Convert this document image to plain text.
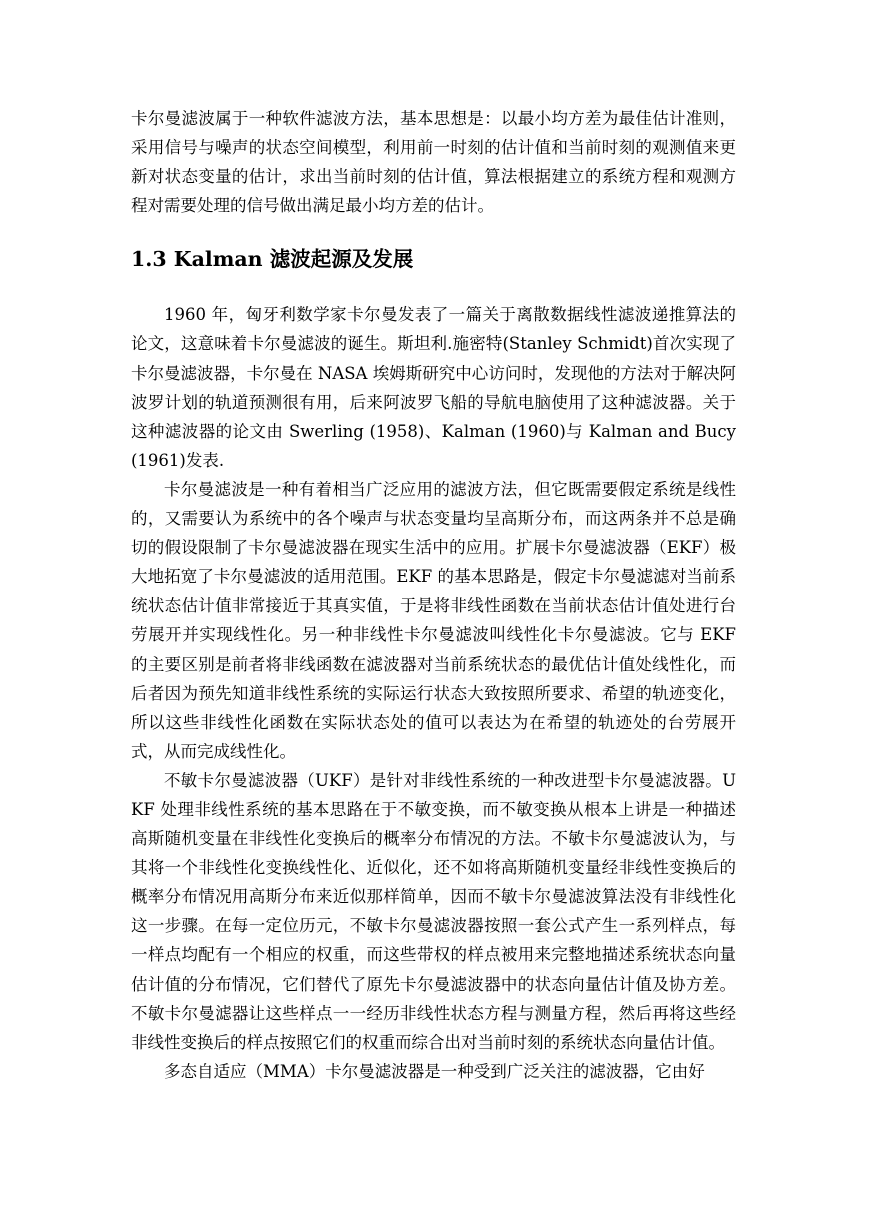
卡尔曼滤波属于一种软件滤波方法，基本思想是：以最小均方差为最佳估计准则，采用信号与噪声的状态空间模型，利用前一时刻的估计值和当前时刻的观测值来更新对状态变量的估计，求出当前时刻的估计值，算法根据建立的系统方程和观测方程对需要处理的信号做出满足最小均方差的估计。

1.3 Kalman 滤波起源及发展

1960 年，匈牙利数学家卡尔曼发表了一篇关于离散数据线性滤波递推算法的论文，这意味着卡尔曼滤波的诞生。斯坦利.施密特(Stanley Schmidt)首次实现了卡尔曼滤波器，卡尔曼在 NASA 埃姆斯研究中心访问时，发现他的方法对于解决阿波罗计划的轨道预测很有用，后来阿波罗飞船的导航电脑使用了这种滤波器。关于这种滤波器的论文由 Swerling (1958)、Kalman (1960)与 Kalman and Bucy (1961)发表.

卡尔曼滤波是一种有着相当广泛应用的滤波方法，但它既需要假定系统是线性的，又需要认为系统中的各个噪声与状态变量均呈高斯分布，而这两条并不总是确切的假设限制了卡尔曼滤波器在现实生活中的应用。扩展卡尔曼滤波器（EKF）极大地拓宽了卡尔曼滤波的适用范围。EKF 的基本思路是，假定卡尔曼滤滤对当前系统状态估计值非常接近于其真实值，于是将非线性函数在当前状态估计值处进行台劳展开并实现线性化。另一种非线性卡尔曼滤波叫线性化卡尔曼滤波。它与 EKF 的主要区别是前者将非线函数在滤波器对当前系统状态的最优估计值处线性化，而后者因为预先知道非线性系统的实际运行状态大致按照所要求、希望的轨迹变化，所以这些非线性化函数在实际状态处的值可以表达为在希望的轨迹处的台劳展开式，从而完成线性化。

不敏卡尔曼滤波器（UKF）是针对非线性系统的一种改进型卡尔曼滤波器。UKF 处理非线性系统的基本思路在于不敏变换，而不敏变换从根本上讲是一种描述高斯随机变量在非线性化变换后的概率分布情况的方法。不敏卡尔曼滤波认为，与其将一个非线性化变换线性化、近似化，还不如将高斯随机变量经非线性变换后的概率分布情况用高斯分布来近似那样简单，因而不敏卡尔曼滤波算法没有非线性化这一步骤。在每一定位历元，不敏卡尔曼滤波器按照一套公式产生一系列样点，每一样点均配有一个相应的权重，而这些带权的样点被用来完整地描述系统状态向量估计值的分布情况，它们替代了原先卡尔曼滤波器中的状态向量估计值及协方差。不敏卡尔曼滤器让这些样点一一经历非线性状态方程与测量方程，然后再将这些经非线性变换后的样点按照它们的权重而综合出对当前时刻的系统状态向量估计值。

多态自适应（MMA）卡尔曼滤波器是一种受到广泛关注的滤波器，它由好
